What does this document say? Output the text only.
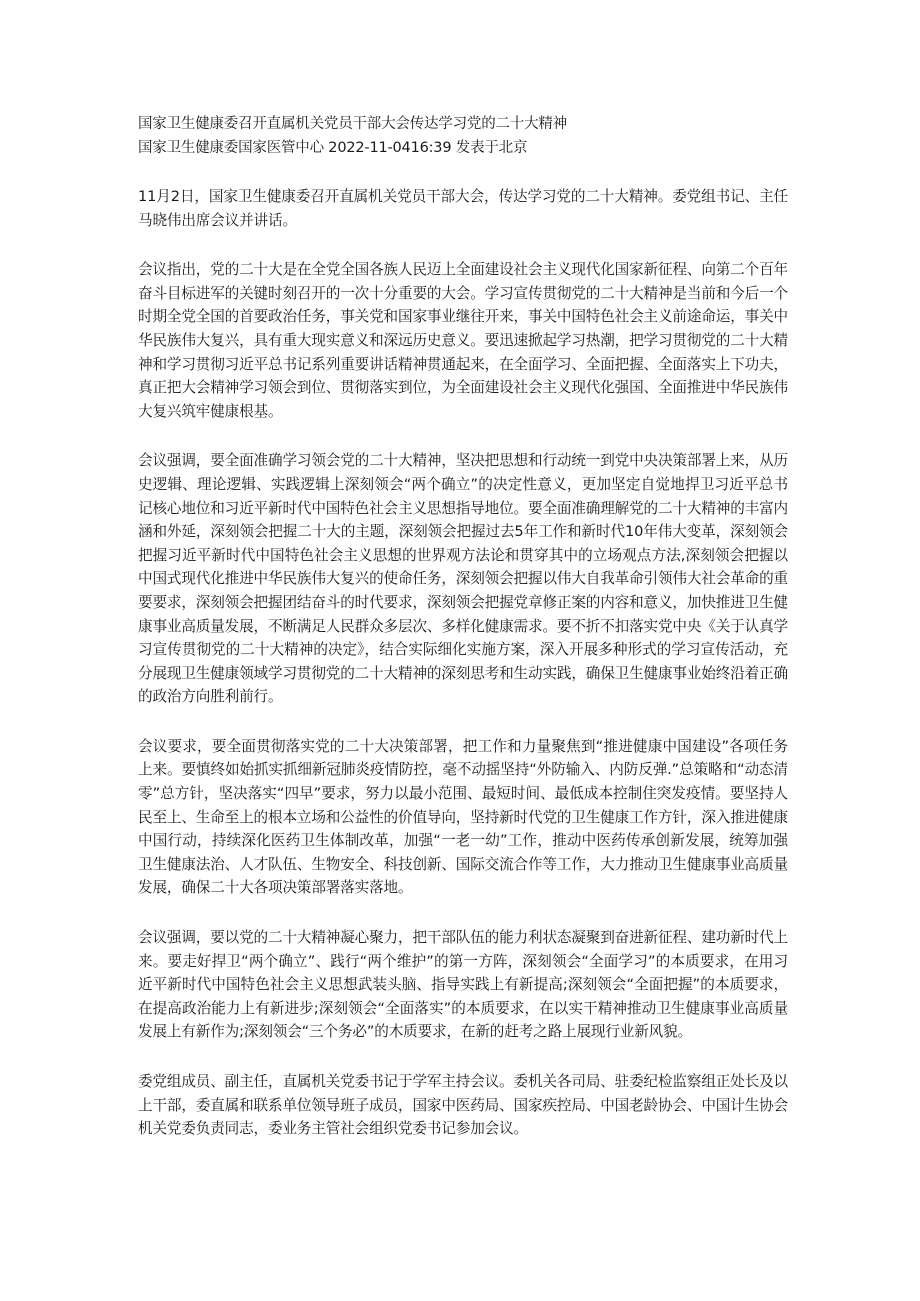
国家卫生健康委召开直属机关党员干部大会传达学习党的二十大精神

国家卫生健康委国家医管中心 2022-11-0416:39 发表于北京

11月2日，国家卫生健康委召开直属机关党员干部大会，传达学习党的二十大精神。委党组书记、主任马晓伟出席会议并讲话。

会议指出，党的二十大是在全党全国各族人民迈上全面建设社会主义现代化国家新征程、向第二个百年奋斗目标进军的关键时刻召开的一次十分重要的大会。学习宣传贯彻党的二十大精神是当前和今后一个时期全党全国的首要政治任务，事关党和国家事业继往开来，事关中国特色社会主义前途命运，事关中华民族伟大复兴，具有重大现实意义和深远历史意义。要迅速掀起学习热潮，把学习贯彻党的二十大精神和学习贯彻习近平总书记系列重要讲话精神贯通起来，在全面学习、全面把握、全面落实上下功夫，真正把大会精神学习领会到位、贯彻落实到位，为全面建设社会主义现代化强国、全面推进中华民族伟大复兴筑牢健康根基。

会议强调，要全面准确学习领会党的二十大精神，坚决把思想和行动统一到党中央决策部署上来，从历史逻辑、理论逻辑、实践逻辑上深刻领会“两个确立”的决定性意义，更加坚定自觉地捍卫习近平总书记核心地位和习近平新时代中国特色社会主义思想指导地位。要全面准确理解党的二十大精神的丰富内涵和外延，深刻领会把握二十大的主题，深刻领会把握过去5年工作和新时代10年伟大变革，深刻领会把握习近平新时代中国特色社会主义思想的世界观方法论和贯穿其中的立场观点方法,深刻领会把握以中国式现代化推进中华民族伟大复兴的使命任务，深刻领会把握以伟大自我革命引领伟大社会革命的重要要求，深刻领会把握团结奋斗的时代要求，深刻领会把握党章修正案的内容和意义，加快推进卫生健康事业高质量发展，不断满足人民群众多层次、多样化健康需求。要不折不扣落实党中央《关于认真学习宣传贯彻党的二十大精神的决定》，结合实际细化实施方案，深入开展多种形式的学习宣传活动，充分展现卫生健康领域学习贯彻党的二十大精神的深刻思考和生动实践，确保卫生健康事业始终沿着正确的政治方向胜利前行。

会议要求，要全面贯彻落实党的二十大决策部署，把工作和力量聚焦到“推进健康中国建设”各项任务上来。要慎终如始抓实抓细新冠肺炎疫情防控，毫不动摇坚持“外防输入、内防反弹.”总策略和“动态清零”总方针，坚决落实“四早”要求，努力以最小范围、最短时间、最低成本控制住突发疫情。要坚持人民至上、生命至上的根本立场和公益性的价值导向，坚持新时代党的卫生健康工作方针，深入推进健康中国行动，持续深化医药卫生体制改革，加强“一老一幼”工作，推动中医药传承创新发展，统筹加强卫生健康法治、人才队伍、生物安全、科技创新、国际交流合作等工作，大力推动卫生健康事业高质量发展，确保二十大各项决策部署落实落地。

会议强调，要以党的二十大精神凝心聚力，把干部队伍的能力利状态凝聚到奋进新征程、建功新时代上来。要走好捍卫“两个确立”、践行“两个维护”的第一方阵，深刻领会“全面学习”的本质要求，在用习近平新时代中国特色社会主义思想武装头脑、指导实践上有新提高;深刻领会“全面把握”的本质要求，在提高政治能力上有新进步;深刻领会“全面落实”的本质要求，在以实干精神推动卫生健康事业高质量发展上有新作为;深刻领会“三个务必”的木质要求，在新的赶考之路上展现行业新风貌。

委党组成员、副主任，直属机关党委书记于学军主持会议。委机关各司局、驻委纪检监察组正处长及以上干部，委直属和联系单位领导班子成员，国家中医药局、国家疾控局、中国老龄协会、中国计生协会机关党委负责同志，委业务主管社会组织党委书记参加会议。
